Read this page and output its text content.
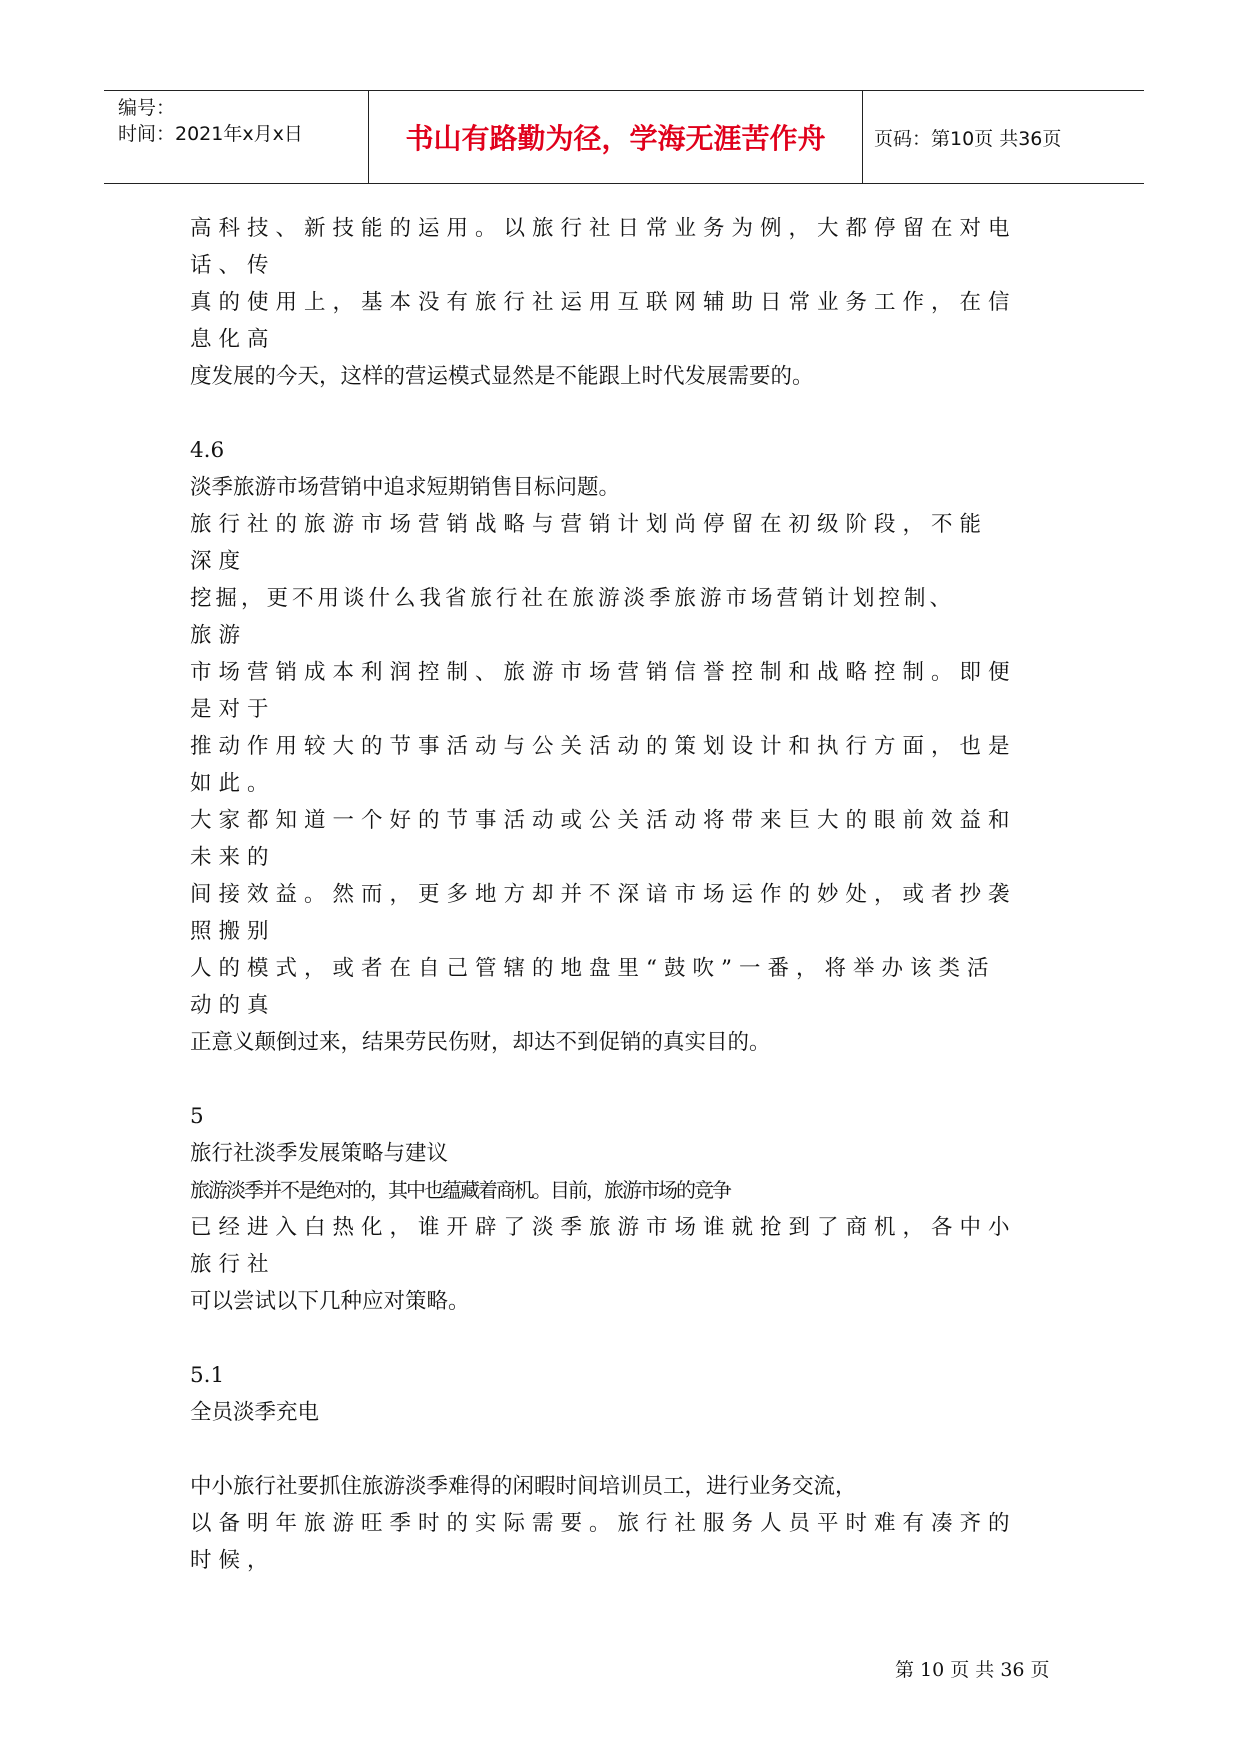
编号：
时间：2021年x月x日	书山有路勤为径，学海无涯苦作舟	页码：第10页 共36页

高科技、新技能的运用。以旅行社日常业务为例，大都停留在对电

话、传

真的使用上，基本没有旅行社运用互联网辅助日常业务工作，在信

息化高

度发展的今天，这样的营运模式显然是不能跟上时代发展需要的。

4.6

淡季旅游市场营销中追求短期销售目标问题。

旅行社的旅游市场营销战略与营销计划尚停留在初级阶段，不能

深度

挖掘，更不用谈什么我省旅行社在旅游淡季旅游市场营销计划控制、

旅游

市场营销成本利润控制、旅游市场营销信誉控制和战略控制。即便

是对于

推动作用较大的节事活动与公关活动的策划设计和执行方面，也是

如此。

大家都知道一个好的节事活动或公关活动将带来巨大的眼前效益和

未来的

间接效益。然而，更多地方却并不深谙市场运作的妙处，或者抄袭

照搬别

人的模式，或者在自己管辖的地盘里“鼓吹”一番，将举办该类活

动的真

正意义颠倒过来，结果劳民伤财，却达不到促销的真实目的。

5

旅行社淡季发展策略与建议

旅游淡季并不是绝对的，其中也蕴藏着商机。目前，旅游市场的竞争

已经进入白热化，谁开辟了淡季旅游市场谁就抢到了商机，各中小

旅行社

可以尝试以下几种应对策略。

5.1

全员淡季充电

中小旅行社要抓住旅游淡季难得的闲暇时间培训员工，进行业务交流，

以备明年旅游旺季时的实际需要。旅行社服务人员平时难有凑齐的

时候，

第 10 页 共 36 页
